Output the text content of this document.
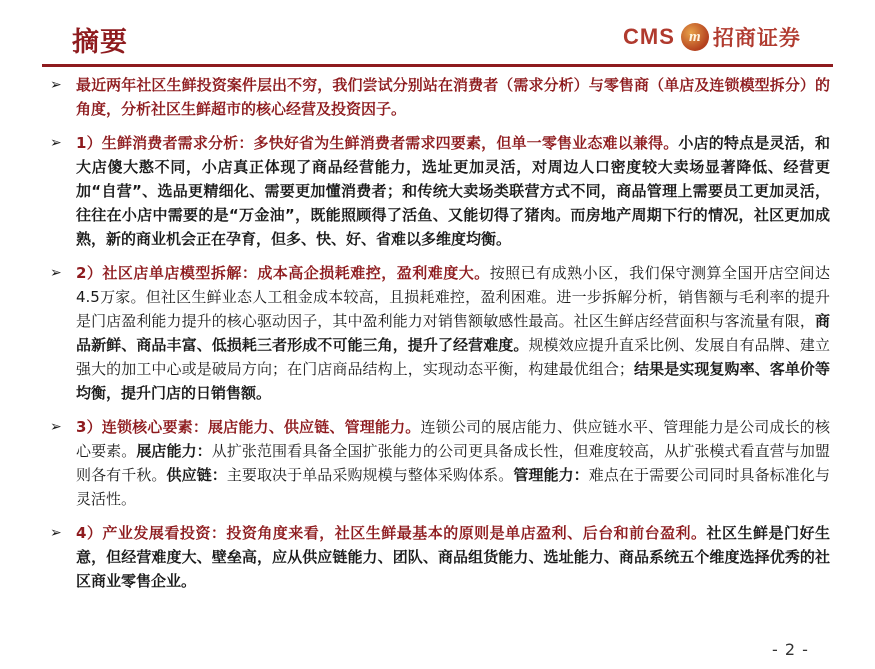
摘要	CMS m 招商证券
➢ 最近两年社区生鲜投资案件层出不穷，我们尝试分别站在消费者（需求分析）与零售商（单店及连锁模型拆分）的角度，分析社区生鲜超市的核心经营及投资因子。
➢ 1）生鲜消费者需求分析：多快好省为生鲜消费者需求四要素，但单一零售业态难以兼得。小店的特点是灵活，和大店傻大憨不同，小店真正体现了商品经营能力，选址更加灵活，对周边人口密度较大卖场显著降低、经营更加“自营”、选品更精细化、需要更加懂消费者；和传统大卖场类联营方式不同，商品管理上需要员工更加灵活，往往在小店中需要的是“万金油”，既能照顾得了活鱼、又能切得了猪肉。而房地产周期下行的情况，社区更加成熟，新的商业机会正在孕育，但多、快、好、省难以多维度均衡。
➢ 2）社区店单店模型拆解：成本高企损耗难控，盈利难度大。按照已有成熟小区，我们保守测算全国开店空间达4.5万家。但社区生鲜业态人工租金成本较高，且损耗难控，盈利困难。进一步拆解分析，销售额与毛利率的提升是门店盈利能力提升的核心驱动因子，其中盈利能力对销售额敏感性最高。社区生鲜店经营面积与客流量有限，商品新鲜、商品丰富、低损耗三者形成不可能三角，提升了经营难度。规模效应提升直采比例、发展自有品牌、建立强大的加工中心或是破局方向；在门店商品结构上，实现动态平衡，构建最优组合；结果是实现复购率、客单价等均衡，提升门店的日销售额。
➢ 3）连锁核心要素：展店能力、供应链、管理能力。连锁公司的展店能力、供应链水平、管理能力是公司成长的核心要素。展店能力：从扩张范围看具备全国扩张能力的公司更具备成长性，但难度较高，从扩张模式看直营与加盟则各有千秋。供应链：主要取决于单品采购规模与整体采购体系。管理能力：难点在于需要公司同时具备标准化与灵活性。
➢ 4）产业发展看投资：投资角度来看，社区生鲜最基本的原则是单店盈利、后台和前台盈利。社区生鲜是门好生意，但经营难度大、壁垒高，应从供应链能力、团队、商品组货能力、选址能力、商品系统五个维度选择优秀的社区商业零售企业。
- 2 -
